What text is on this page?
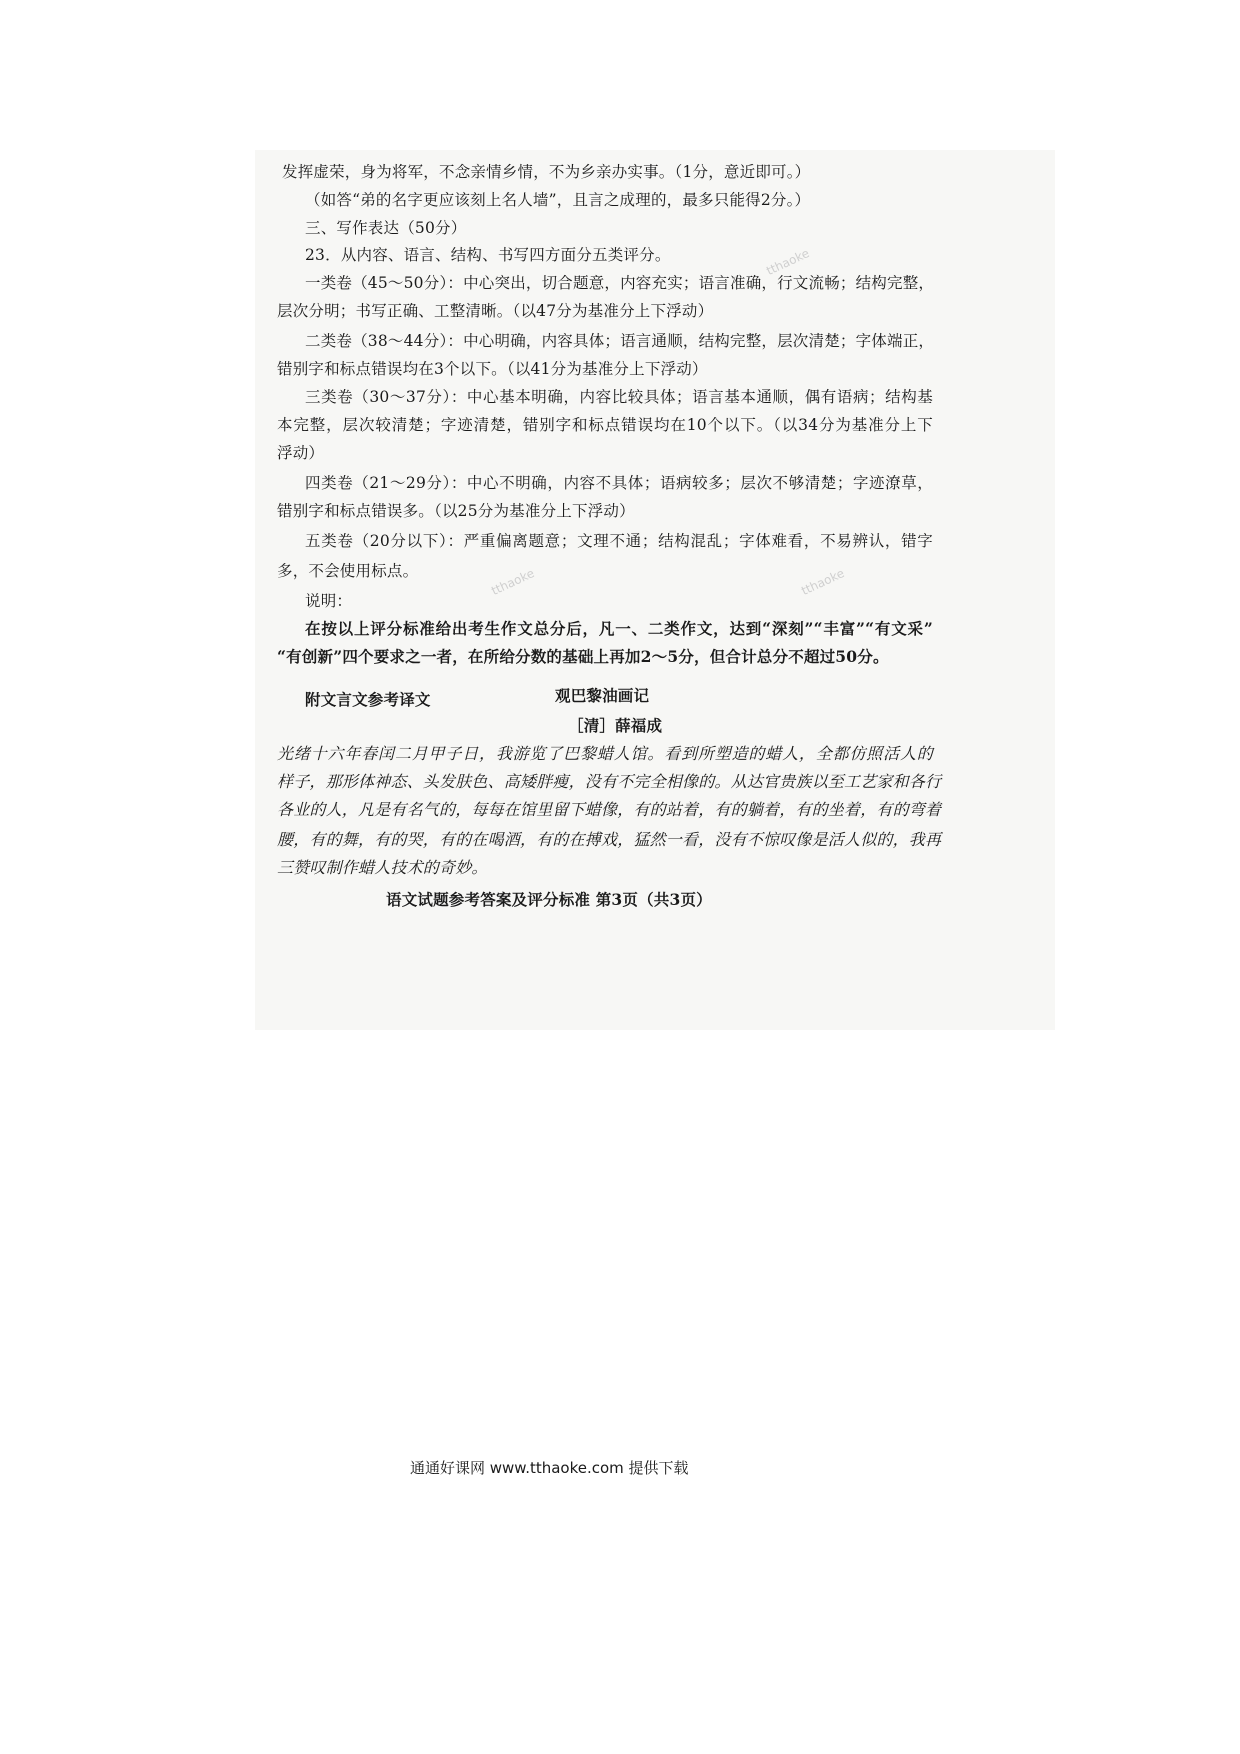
tthaoke
tthaoke	tthaoke
发挥虚荣，身为将军，不念亲情乡情，不为乡亲办实事。（1分，意近即可。）
（如答“弟的名字更应该刻上名人墙”，且言之成理的，最多只能得2分。）
三、写作表达（50分）
23．从内容、语言、结构、书写四方面分五类评分。
一类卷（45～50分）：中心突出，切合题意，内容充实；语言准确，行文流畅；结构完整，
层次分明；书写正确、工整清晰。（以47分为基准分上下浮动）
二类卷（38～44分）：中心明确，内容具体；语言通顺，结构完整，层次清楚；字体端正，
错别字和标点错误均在3个以下。（以41分为基准分上下浮动）
三类卷（30～37分）：中心基本明确，内容比较具体；语言基本通顺，偶有语病；结构基
本完整，层次较清楚；字迹清楚，错别字和标点错误均在10个以下。（以34分为基准分上下
浮动）
四类卷（21～29分）：中心不明确，内容不具体；语病较多；层次不够清楚；字迹潦草，
错别字和标点错误多。（以25分为基准分上下浮动）
五类卷（20分以下）：严重偏离题意；文理不通；结构混乱；字体难看，不易辨认，错字
多，不会使用标点。
说明：
在按以上评分标准给出考生作文总分后，凡一、二类作文，达到“深刻”“丰富”“有文采”
“有创新”四个要求之一者，在所给分数的基础上再加2～5分，但合计总分不超过50分。
附文言文参考译文	观巴黎油画记
［清］薛福成
光绪十六年春闰二月甲子日，我游览了巴黎蜡人馆。看到所塑造的蜡人，全都仿照活人的
样子，那形体神态、头发肤色、高矮胖瘦，没有不完全相像的。从达官贵族以至工艺家和各行
各业的人，凡是有名气的，每每在馆里留下蜡像，有的站着，有的躺着，有的坐着，有的弯着
腰，有的舞，有的哭，有的在喝酒，有的在搏戏，猛然一看，没有不惊叹像是活人似的，我再
三赞叹制作蜡人技术的奇妙。
语文试题参考答案及评分标准 第3页（共3页）
通通好课网 www.tthaoke.com 提供下载
